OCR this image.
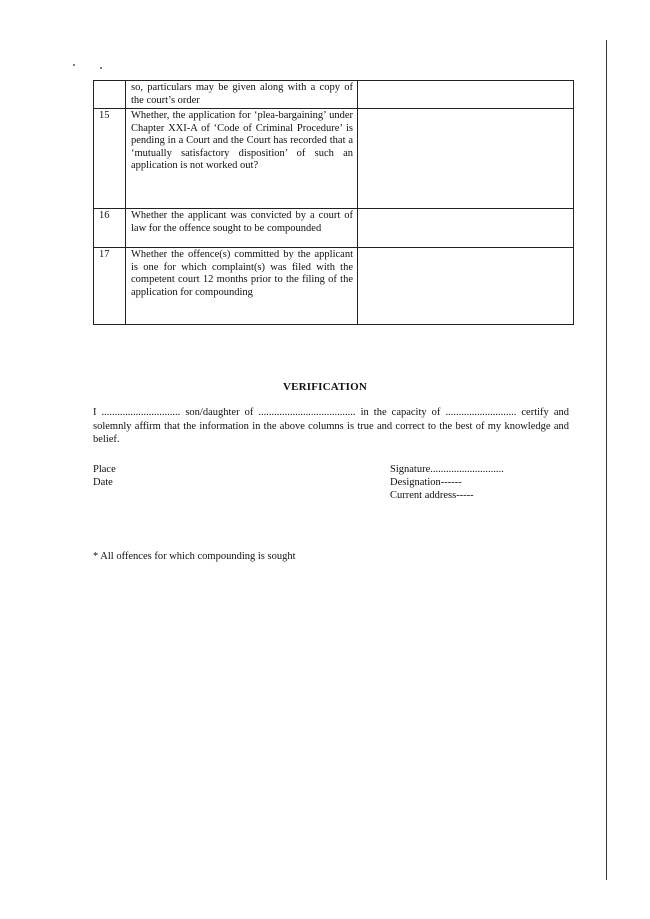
	so, particulars may be given along with a copy of the court’s order	
15	Whether, the application for ‘plea-bargaining’ under Chapter XXI-A of ‘Code of Criminal Procedure’ is pending in a Court and the Court has recorded that a ‘mutually satisfactory disposition’ of such an application is not worked out?	
16	Whether the applicant was convicted by a court of law for the offence sought to be compounded	
17	Whether the offence(s) committed by the applicant is one for which complaint(s) was filed with the competent court 12 months prior to the filing of the application for compounding	
VERIFICATION
I .............................. son/daughter of ..................................... in the capacity of ........................... certify and solemnly affirm that the information in the above columns is true and correct to the best of my knowledge and belief.
Place
Date
Signature............................
Designation------
Current address-----
* All offences for which compounding is sought
